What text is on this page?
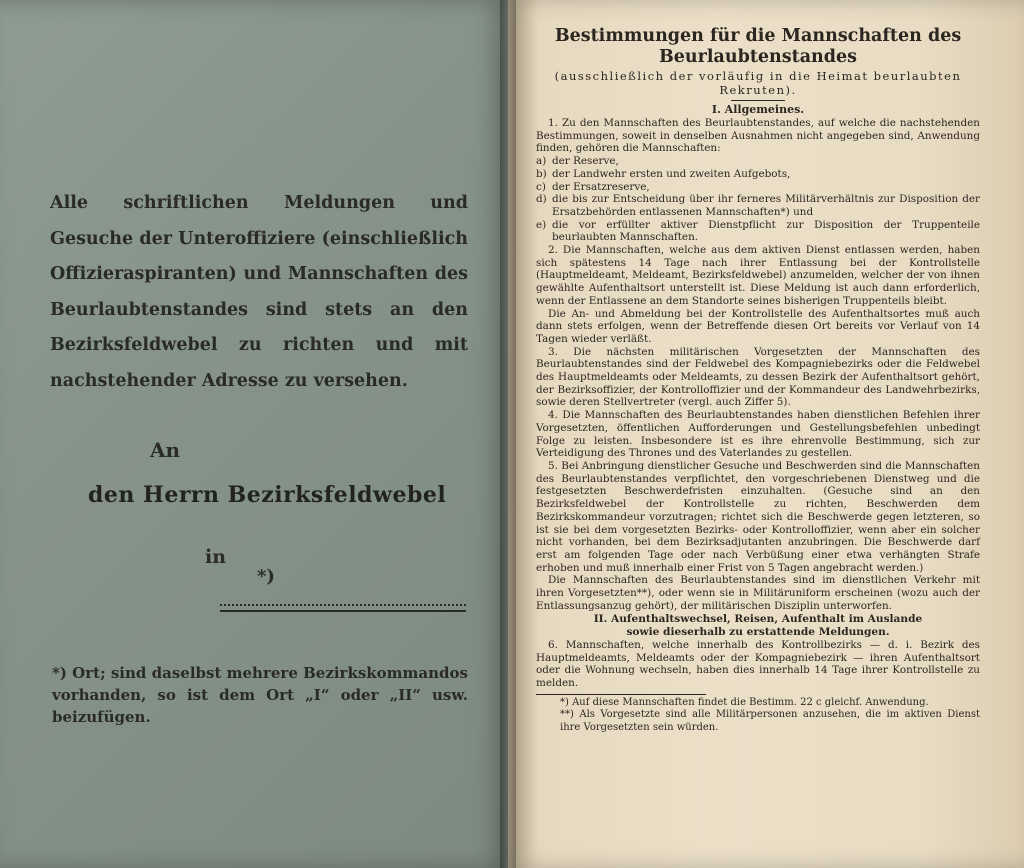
Alle schriftlichen Meldungen und Gesuche der Unteroffiziere (einschließlich Offizieraspiranten) und Mannschaften des Beurlaubtenstandes sind stets an den Bezirksfeldwebel zu richten und mit nachstehender Adresse zu versehen.

An
den Herrn Bezirksfeldwebel
in
*)

*) Ort; sind daselbst mehrere Bezirkskommandos vorhanden, so ist dem Ort „I“ oder „II“ usw. beizufügen.

Bestimmungen für die Mannschaften des Beurlaubtenstandes

(ausschließlich der vorläufig in die Heimat beurlaubten Rekruten).

I. Allgemeines.

1. Zu den Mannschaften des Beurlaubtenstandes, auf welche die nachstehenden Bestimmungen, soweit in denselben Ausnahmen nicht angegeben sind, Anwendung finden, gehören die Mannschaften:

a) der Reserve,
b) der Landwehr ersten und zweiten Aufgebots,
c) der Ersatzreserve,
d) die bis zur Entscheidung über ihr ferneres Militärverhältnis zur Disposition der Ersatzbehörden entlassenen Mannschaften*) und
e) die vor erfüllter aktiver Dienstpflicht zur Disposition der Truppenteile beurlaubten Mannschaften.

2. Die Mannschaften, welche aus dem aktiven Dienst entlassen werden, haben sich spätestens 14 Tage nach ihrer Entlassung bei der Kontrollstelle (Hauptmeldeamt, Meldeamt, Bezirksfeldwebel) anzumelden, welcher der von ihnen gewählte Aufenthaltsort unterstellt ist. Diese Meldung ist auch dann erforderlich, wenn der Entlassene an dem Standorte seines bisherigen Truppenteils bleibt.

Die An- und Abmeldung bei der Kontrollstelle des Aufenthaltsortes muß auch dann stets erfolgen, wenn der Betreffende diesen Ort bereits vor Verlauf von 14 Tagen wieder verläßt.

3. Die nächsten militärischen Vorgesetzten der Mannschaften des Beurlaubtenstandes sind der Feldwebel des Kompagniebezirks oder die Feldwebel des Hauptmeldeamts oder Meldeamts, zu dessen Bezirk der Aufenthaltsort gehört, der Bezirksoffizier, der Kontrolloffizier und der Kommandeur des Landwehrbezirks, sowie deren Stellvertreter (vergl. auch Ziffer 5).

4. Die Mannschaften des Beurlaubtenstandes haben dienstlichen Befehlen ihrer Vorgesetzten, öffentlichen Aufforderungen und Gestellungsbefehlen unbedingt Folge zu leisten. Insbesondere ist es ihre ehrenvolle Bestimmung, sich zur Verteidigung des Thrones und des Vaterlandes zu gestellen.

5. Bei Anbringung dienstlicher Gesuche und Beschwerden sind die Mannschaften des Beurlaubtenstandes verpflichtet, den vorgeschriebenen Dienstweg und die festgesetzten Beschwerdefristen einzuhalten. (Gesuche sind an den Bezirksfeldwebel der Kontrollstelle zu richten, Beschwerden dem Bezirkskommandeur vorzutragen; richtet sich die Beschwerde gegen letzteren, so ist sie bei dem vorgesetzten Bezirks- oder Kontrolloffizier, wenn aber ein solcher nicht vorhanden, bei dem Bezirksadjutanten anzubringen. Die Beschwerde darf erst am folgenden Tage oder nach Verbüßung einer etwa verhängten Strafe erhoben und muß innerhalb einer Frist von 5 Tagen angebracht werden.)

Die Mannschaften des Beurlaubtenstandes sind im dienstlichen Verkehr mit ihren Vorgesetzten**), oder wenn sie in Militäruniform erscheinen (wozu auch der Entlassungsanzug gehört), der militärischen Disziplin unterworfen.

II. Aufenthaltswechsel, Reisen, Aufenthalt im Auslande

sowie dieserhalb zu erstattende Meldungen.

6. Mannschaften, welche innerhalb des Kontrollbezirks — d. i. Bezirk des Hauptmeldeamts, Meldeamts oder der Kompagniebezirk — ihren Aufenthaltsort oder die Wohnung wechseln, haben dies innerhalb 14 Tage ihrer Kontrollstelle zu melden.

*) Auf diese Mannschaften findet die Bestimm. 22 c gleichf. Anwendung.

**) Als Vorgesetzte sind alle Militärpersonen anzusehen, die im aktiven Dienst ihre Vorgesetzten sein würden.
